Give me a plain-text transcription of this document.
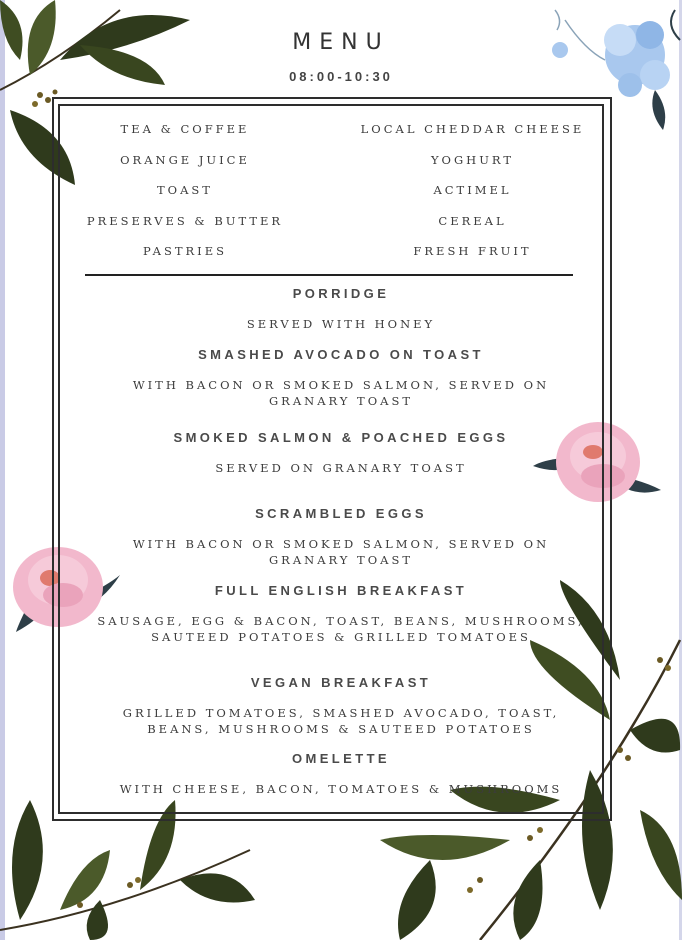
MENU
08:00-10:30
TEA & COFFEE
ORANGE JUICE
TOAST
PRESERVES & BUTTER
PASTRIES
LOCAL CHEDDAR CHEESE
YOGHURT
ACTIMEL
CEREAL
FRESH FRUIT
PORRIDGE
SERVED WITH HONEY
SMASHED AVOCADO ON TOAST
WITH BACON OR SMOKED SALMON, SERVED ON GRANARY TOAST
SMOKED SALMON & POACHED EGGS
SERVED ON GRANARY TOAST
SCRAMBLED EGGS
WITH BACON OR SMOKED SALMON, SERVED ON GRANARY TOAST
FULL ENGLISH BREAKFAST
SAUSAGE, EGG & BACON, TOAST, BEANS, MUSHROOMS, SAUTEED POTATOES & GRILLED TOMATOES
VEGAN BREAKFAST
GRILLED TOMATOES, SMASHED AVOCADO, TOAST, BEANS, MUSHROOMS & SAUTEED POTATOES
OMELETTE
WITH CHEESE, BACON, TOMATOES & MUSHROOMS
